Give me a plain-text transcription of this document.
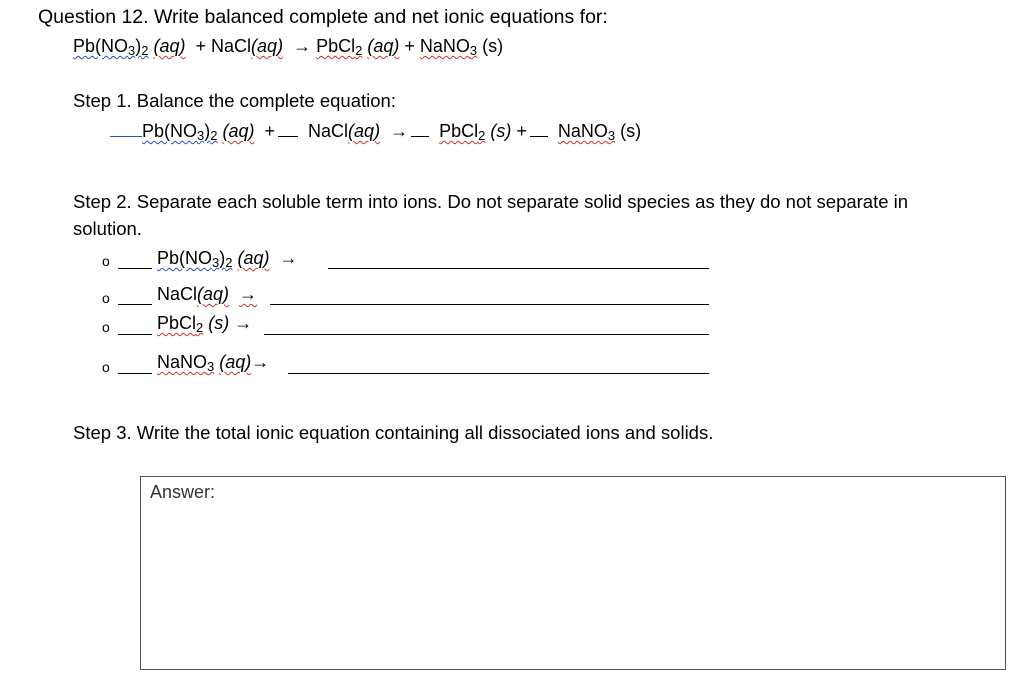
Question 12. Write balanced complete and net ionic equations for:
$Pb(NO_3)_2$ (aq) + NaCl(aq) → PbCl$_2$ (aq) + NaNO$_3$ (s)
Step 1. Balance the complete equation:
$Pb(NO_3)_2$ (aq) + NaCl(aq) → PbCl$_2$ (s) + NaNO$_3$ (s)
Step 2. Separate each soluble term into ions. Do not separate solid species as they do not separate in
solution.
o	$Pb(NO_3)_2$ (aq) →
o	NaCl(aq) →
o	PbCl$_2$ (s) →
o	NaNO$_3$ (aq)→
Step 3. Write the total ionic equation containing all dissociated ions and solids.
Answer:
